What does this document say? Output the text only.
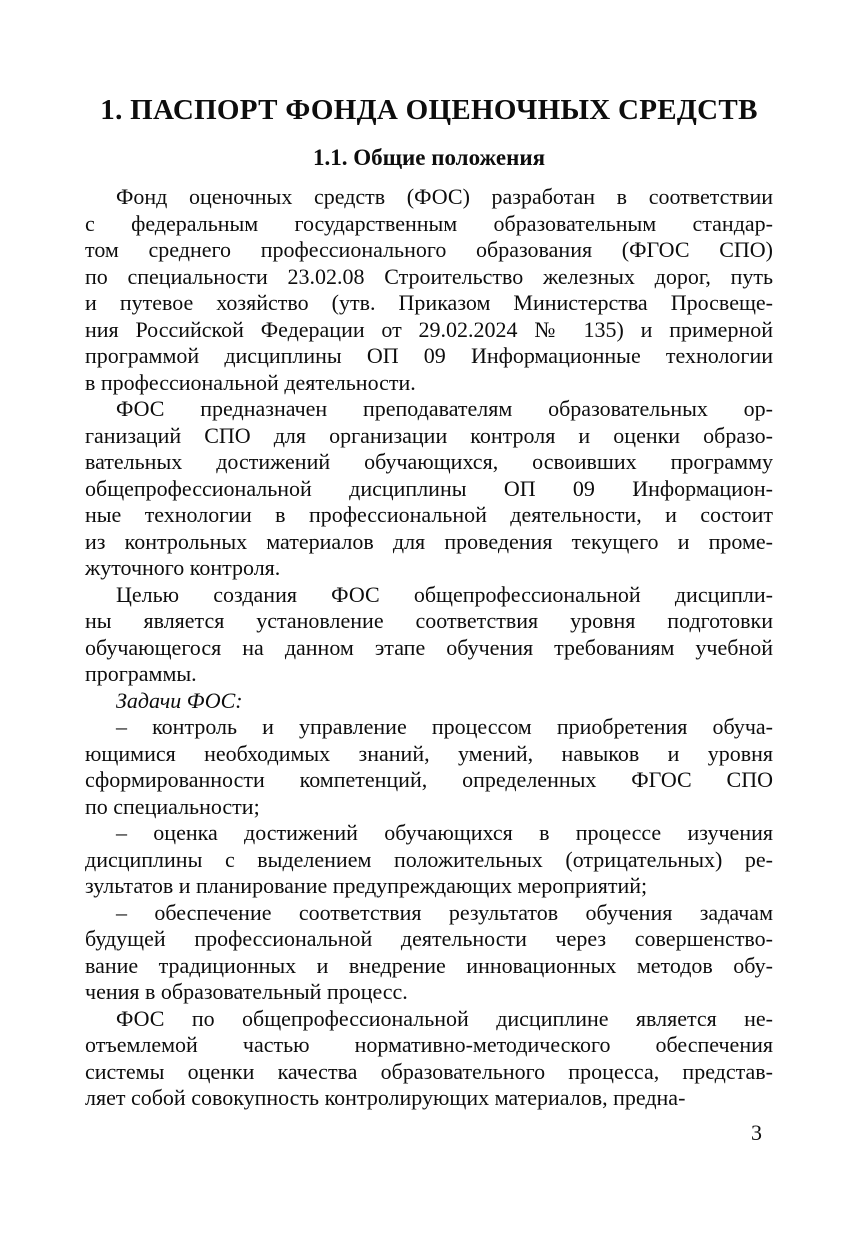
1. ПАСПОРТ ФОНДА ОЦЕНОЧНЫХ СРЕДСТВ
1.1. Общие положения
Фонд оценочных средств (ФОС) разработан в соответствии
с федеральным государственным образовательным стандар-
том среднего профессионального образования (ФГОС СПО)
по специальности 23.02.08 Строительство железных дорог, путь
и путевое хозяйство (утв. Приказом Министерства Просвеще-
ния Российской Федерации от 29.02.2024 № 135) и примерной
программой дисциплины ОП 09 Информационные технологии
в профессиональной деятельности.
ФОС предназначен преподавателям образовательных ор-
ганизаций СПО для организации контроля и оценки образо-
вательных достижений обучающихся, освоивших программу
общепрофессиональной дисциплины ОП 09 Информацион-
ные технологии в профессиональной деятельности, и состоит
из контрольных материалов для проведения текущего и проме-
жуточного контроля.
Целью создания ФОС общепрофессиональной дисципли-
ны является установление соответствия уровня подготовки
обучающегося на данном этапе обучения требованиям учебной
программы.
Задачи ФОС:
– контроль и управление процессом приобретения обуча-
ющимися необходимых знаний, умений, навыков и уровня
сформированности компетенций, определенных ФГОС СПО
по специальности;
– оценка достижений обучающихся в процессе изучения
дисциплины с выделением положительных (отрицательных) ре-
зультатов и планирование предупреждающих мероприятий;
– обеспечение соответствия результатов обучения задачам
будущей профессиональной деятельности через совершенство-
вание традиционных и внедрение инновационных методов обу-
чения в образовательный процесс.
ФОС по общепрофессиональной дисциплине является не-
отъемлемой частью нормативно-методического обеспечения
системы оценки качества образовательного процесса, представ-
ляет собой совокупность контролирующих материалов, предна-
3
